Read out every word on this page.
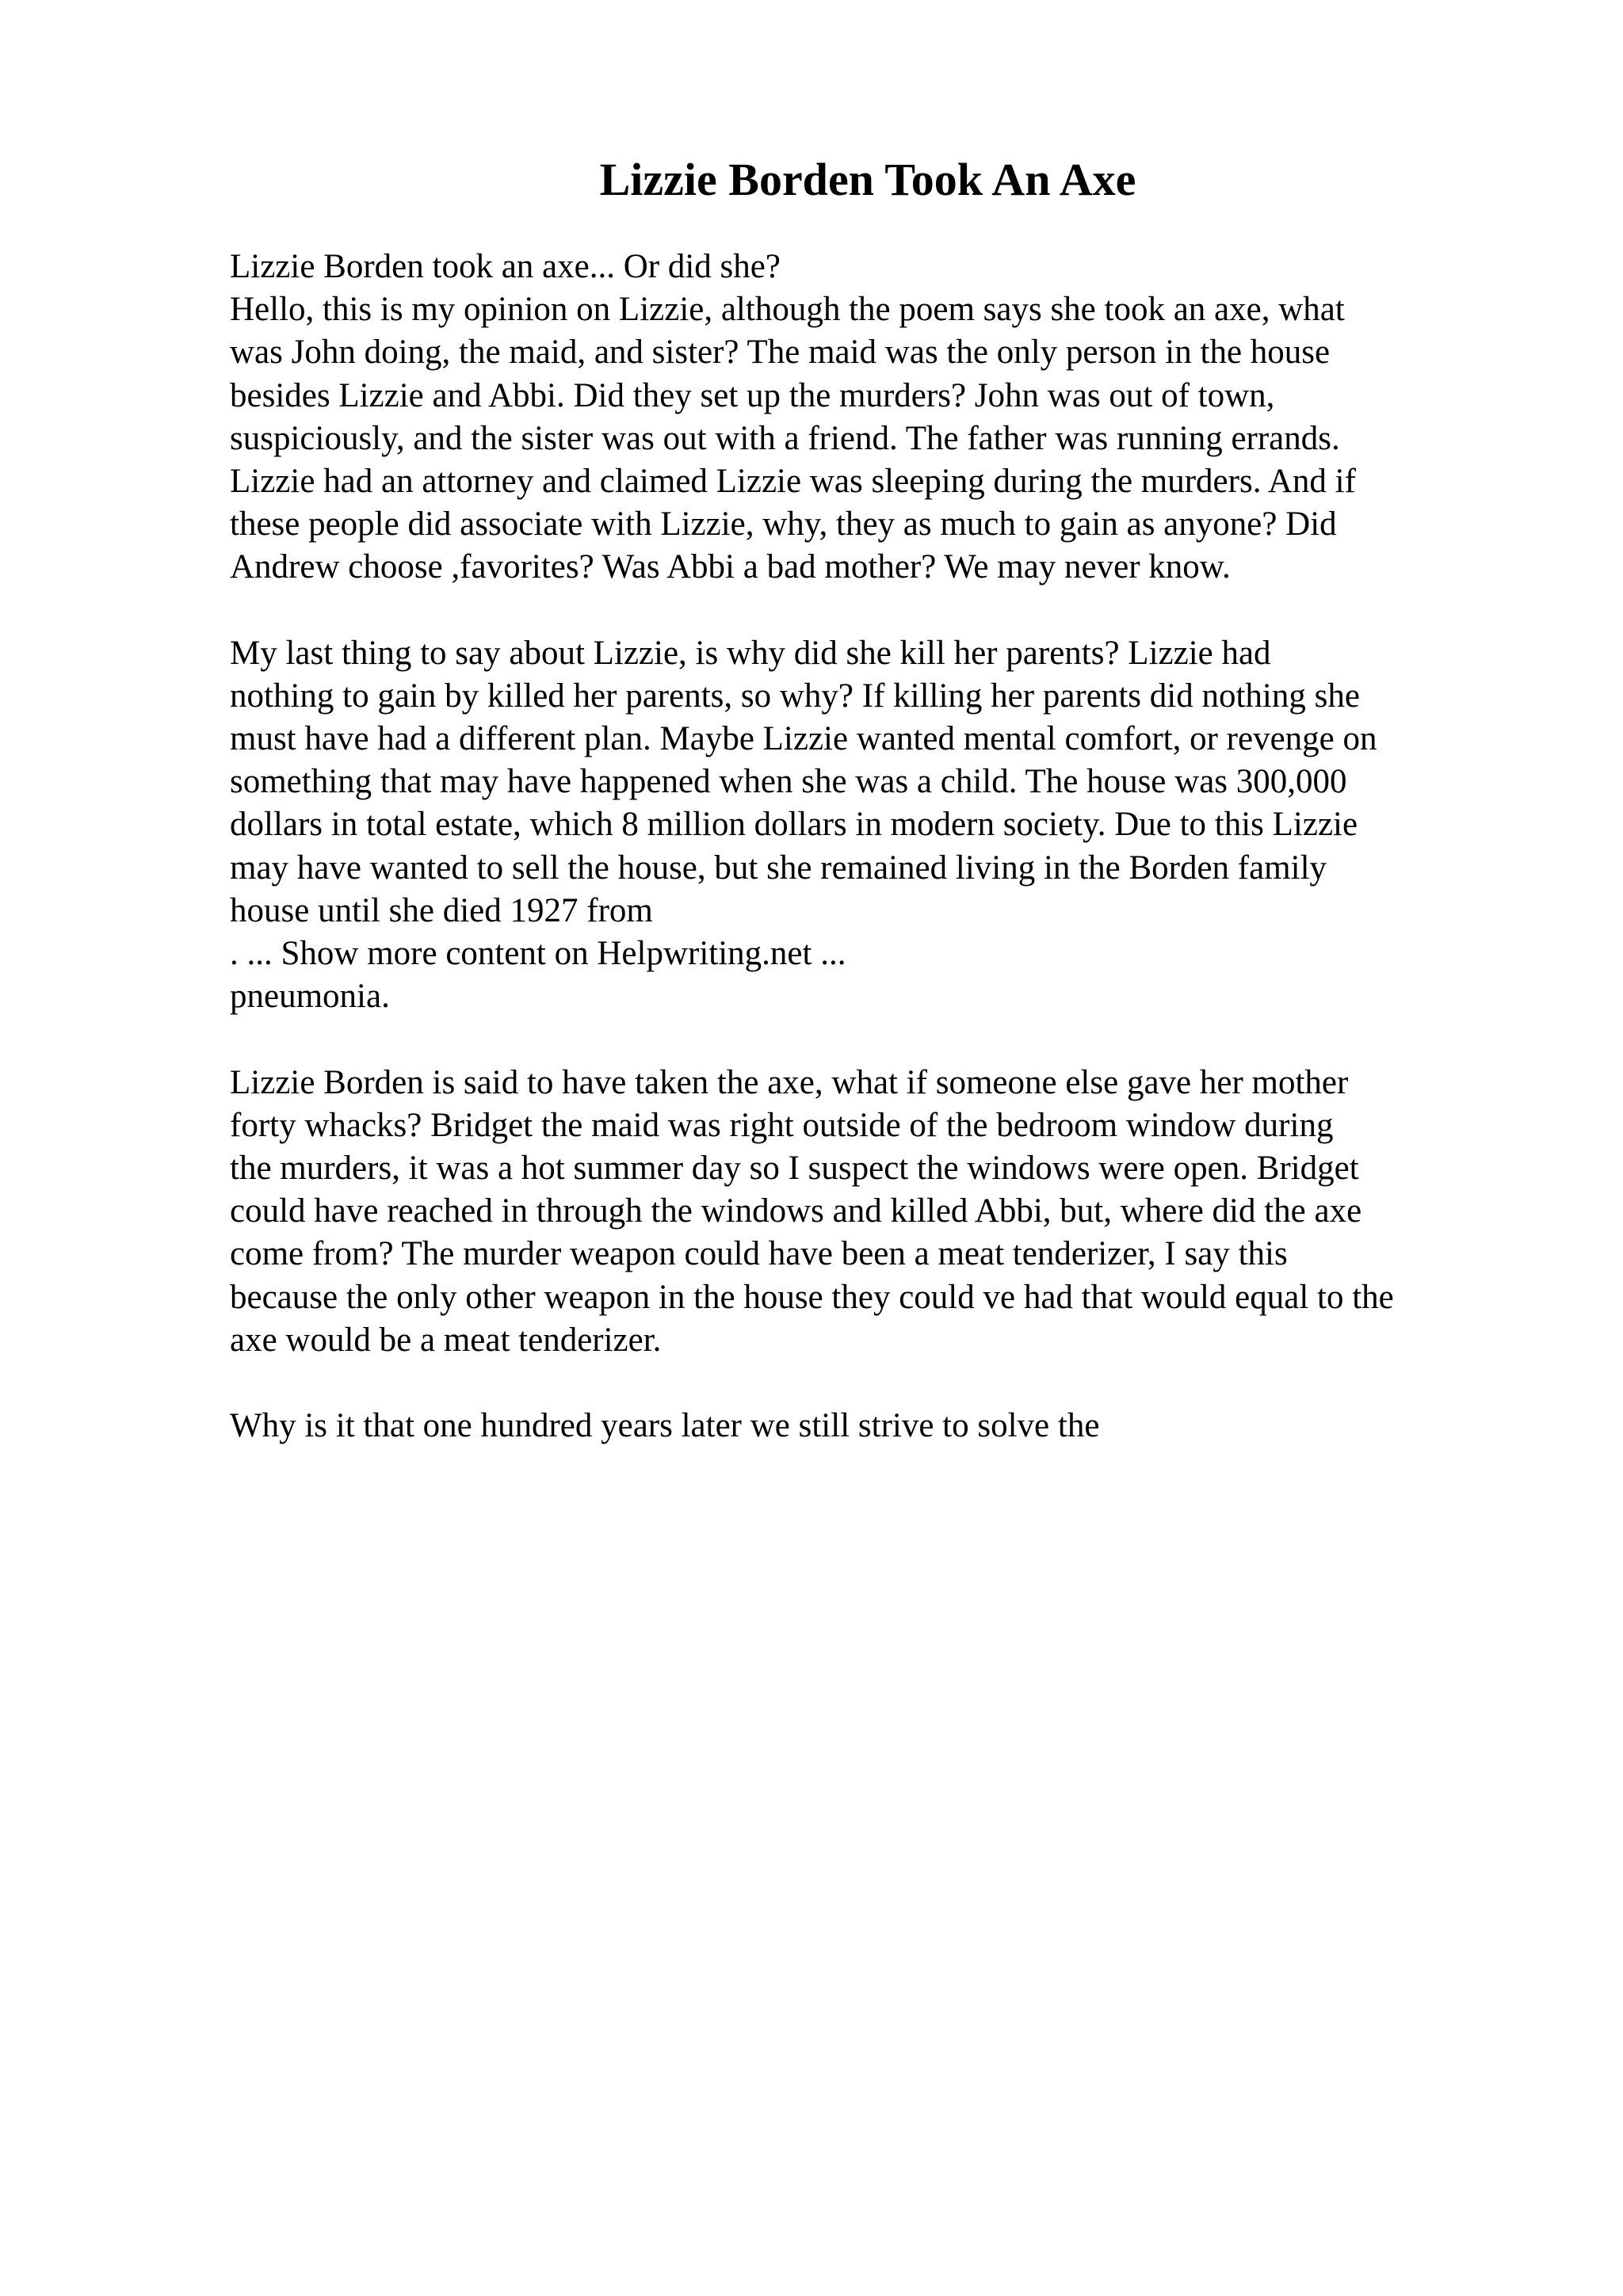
Lizzie Borden Took An Axe
Lizzie Borden took an axe... Or did she?
Hello, this is my opinion on Lizzie, although the poem says she took an axe, what
was John doing, the maid, and sister? The maid was the only person in the house
besides Lizzie and Abbi. Did they set up the murders? John was out of town,
suspiciously, and the sister was out with a friend. The father was running errands.
Lizzie had an attorney and claimed Lizzie was sleeping during the murders. And if
these people did associate with Lizzie, why, they as much to gain as anyone? Did
Andrew choose ,favorites? Was Abbi a bad mother? We may never know.
My last thing to say about Lizzie, is why did she kill her parents? Lizzie had
nothing to gain by killed her parents, so why? If killing her parents did nothing she
must have had a different plan. Maybe Lizzie wanted mental comfort, or revenge on
something that may have happened when she was a child. The house was 300,000
dollars in total estate, which 8 million dollars in modern society. Due to this Lizzie
may have wanted to sell the house, but she remained living in the Borden family
house until she died 1927 from
. ... Show more content on Helpwriting.net ...
pneumonia.
Lizzie Borden is said to have taken the axe, what if someone else gave her mother
forty whacks? Bridget the maid was right outside of the bedroom window during
the murders, it was a hot summer day so I suspect the windows were open. Bridget
could have reached in through the windows and killed Abbi, but, where did the axe
come from? The murder weapon could have been a meat tenderizer, I say this
because the only other weapon in the house they could ve had that would equal to the
axe would be a meat tenderizer.
Why is it that one hundred years later we still strive to solve the
